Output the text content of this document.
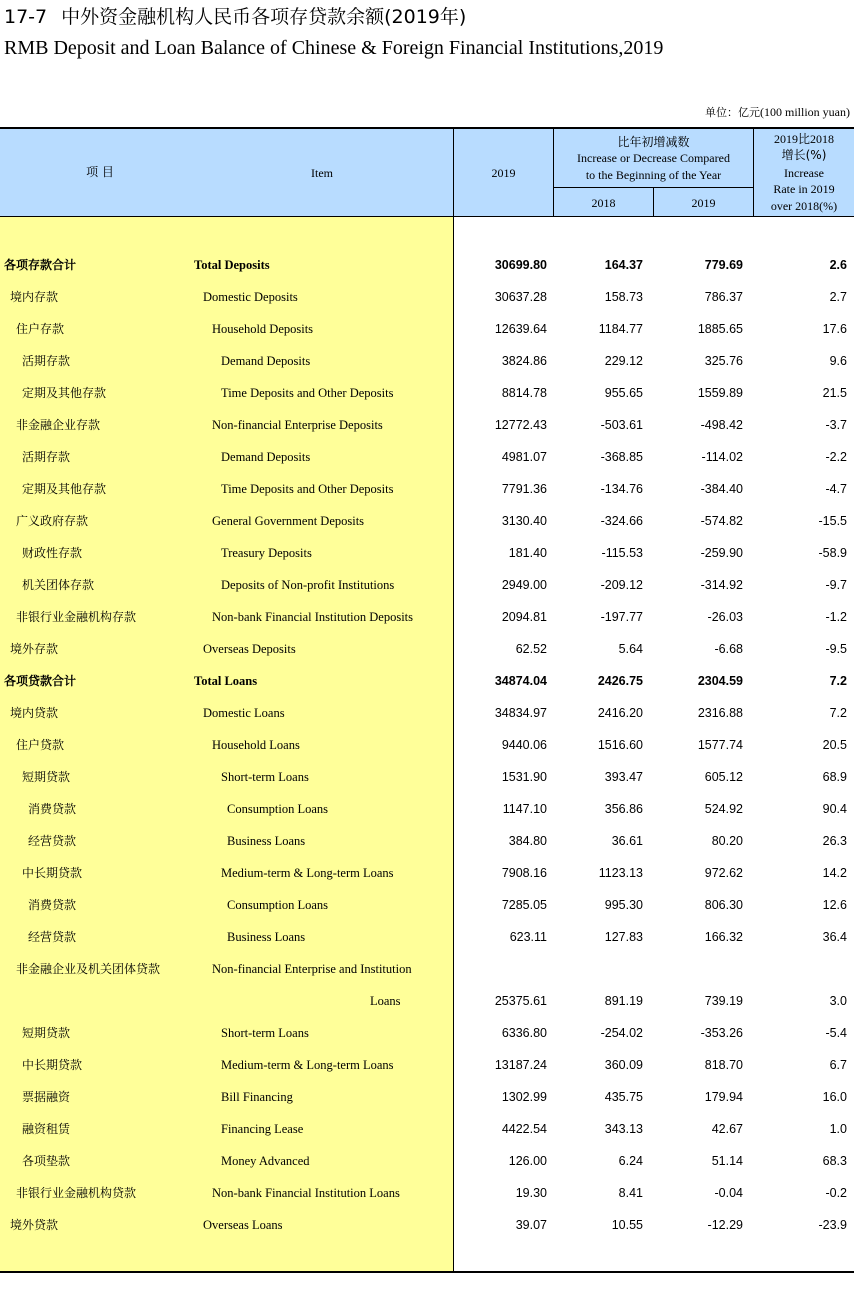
17-7 中外资金融机构人民币各项存贷款余额(2019年)
RMB Deposit and Loan Balance of Chinese & Foreign Financial Institutions,2019
单位：亿元(100 million yuan)
项 目	Item	2019
比年初增减数
Increase or Decrease Compared
to the Beginning of the Year
2018	2019
2019比2018
增长(%)
Increase
Rate in 2019
over 2018(%)
各项存款合计	Total Deposits	30699.80	164.37	779.69	2.6
境内存款	Domestic Deposits	30637.28	158.73	786.37	2.7
住户存款	Household Deposits	12639.64	1184.77	1885.65	17.6
活期存款	Demand Deposits	3824.86	229.12	325.76	9.6
定期及其他存款	Time Deposits and Other Deposits	8814.78	955.65	1559.89	21.5
非金融企业存款	Non-financial Enterprise Deposits	12772.43	-503.61	-498.42	-3.7
活期存款	Demand Deposits	4981.07	-368.85	-114.02	-2.2
定期及其他存款	Time Deposits and Other Deposits	7791.36	-134.76	-384.40	-4.7
广义政府存款	General Government Deposits	3130.40	-324.66	-574.82	-15.5
财政性存款	Treasury Deposits	181.40	-115.53	-259.90	-58.9
机关团体存款	Deposits of Non-profit Institutions	2949.00	-209.12	-314.92	-9.7
非银行业金融机构存款	Non-bank Financial Institution Deposits	2094.81	-197.77	-26.03	-1.2
境外存款	Overseas Deposits	62.52	5.64	-6.68	-9.5
各项贷款合计	Total Loans	34874.04	2426.75	2304.59	7.2
境内贷款	Domestic Loans	34834.97	2416.20	2316.88	7.2
住户贷款	Household Loans	9440.06	1516.60	1577.74	20.5
短期贷款	Short-term Loans	1531.90	393.47	605.12	68.9
消费贷款	Consumption Loans	1147.10	356.86	524.92	90.4
经营贷款	Business Loans	384.80	36.61	80.20	26.3
中长期贷款	Medium-term & Long-term Loans	7908.16	1123.13	972.62	14.2
消费贷款	Consumption Loans	7285.05	995.30	806.30	12.6
经营贷款	Business Loans	623.11	127.83	166.32	36.4
非金融企业及机关团体贷款	Non-financial Enterprise and Institution
Loans	25375.61	891.19	739.19	3.0
短期贷款	Short-term Loans	6336.80	-254.02	-353.26	-5.4
中长期贷款	Medium-term & Long-term Loans	13187.24	360.09	818.70	6.7
票据融资	Bill Financing	1302.99	435.75	179.94	16.0
融资租赁	Financing Lease	4422.54	343.13	42.67	1.0
各项垫款	Money Advanced	126.00	6.24	51.14	68.3
非银行业金融机构贷款	Non-bank Financial Institution Loans	19.30	8.41	-0.04	-0.2
境外贷款	Overseas Loans	39.07	10.55	-12.29	-23.9
